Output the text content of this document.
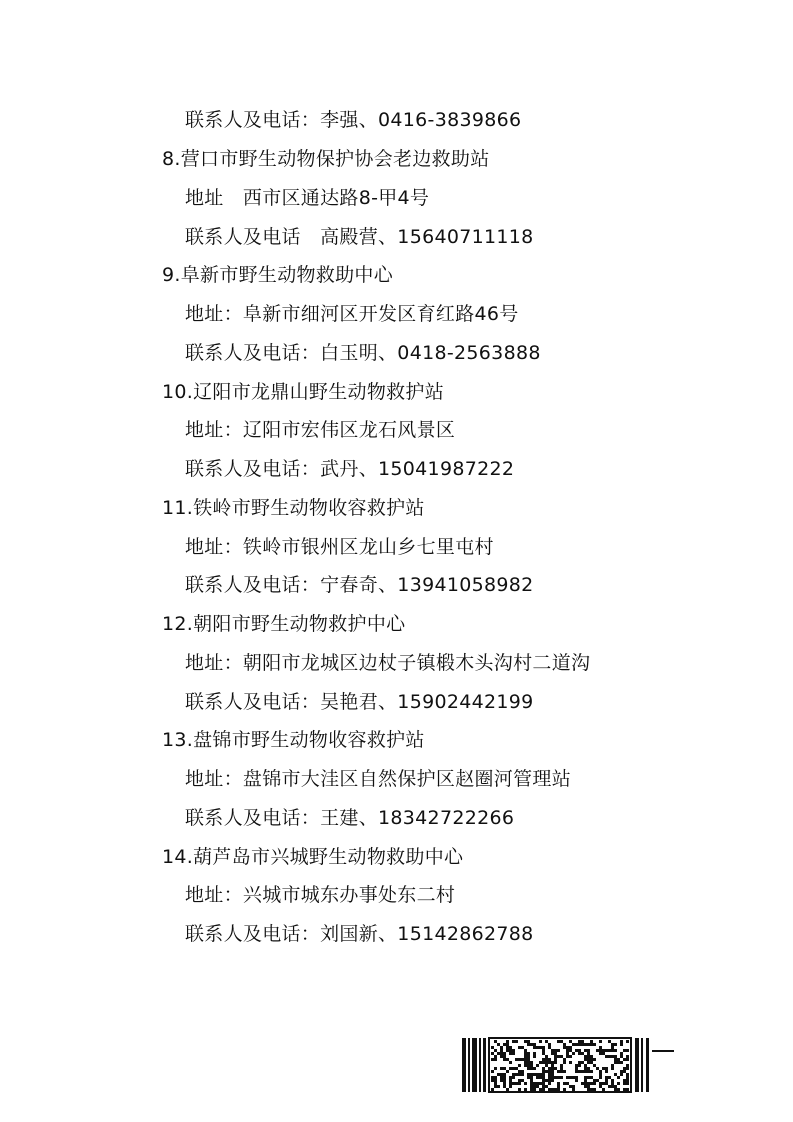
联系人及电话：李强、0416-3839866
8.营口市野生动物保护协会老边救助站
地址　西市区通达路8-甲4号
联系人及电话　高殿营、15640711118
9.阜新市野生动物救助中心
地址：阜新市细河区开发区育红路46号
联系人及电话：白玉明、0418-2563888
10.辽阳市龙鼎山野生动物救护站
地址：辽阳市宏伟区龙石风景区
联系人及电话：武丹、15041987222
11.铁岭市野生动物收容救护站
地址：铁岭市银州区龙山乡七里屯村
联系人及电话：宁春奇、13941058982
12.朝阳市野生动物救护中心
地址：朝阳市龙城区边杖子镇椴木头沟村二道沟
联系人及电话：吴艳君、15902442199
13.盘锦市野生动物收容救护站
地址：盘锦市大洼区自然保护区赵圈河管理站
联系人及电话：王建、18342722266
14.葫芦岛市兴城野生动物救助中心
地址：兴城市城东办事处东二村
联系人及电话：刘国新、15142862788
